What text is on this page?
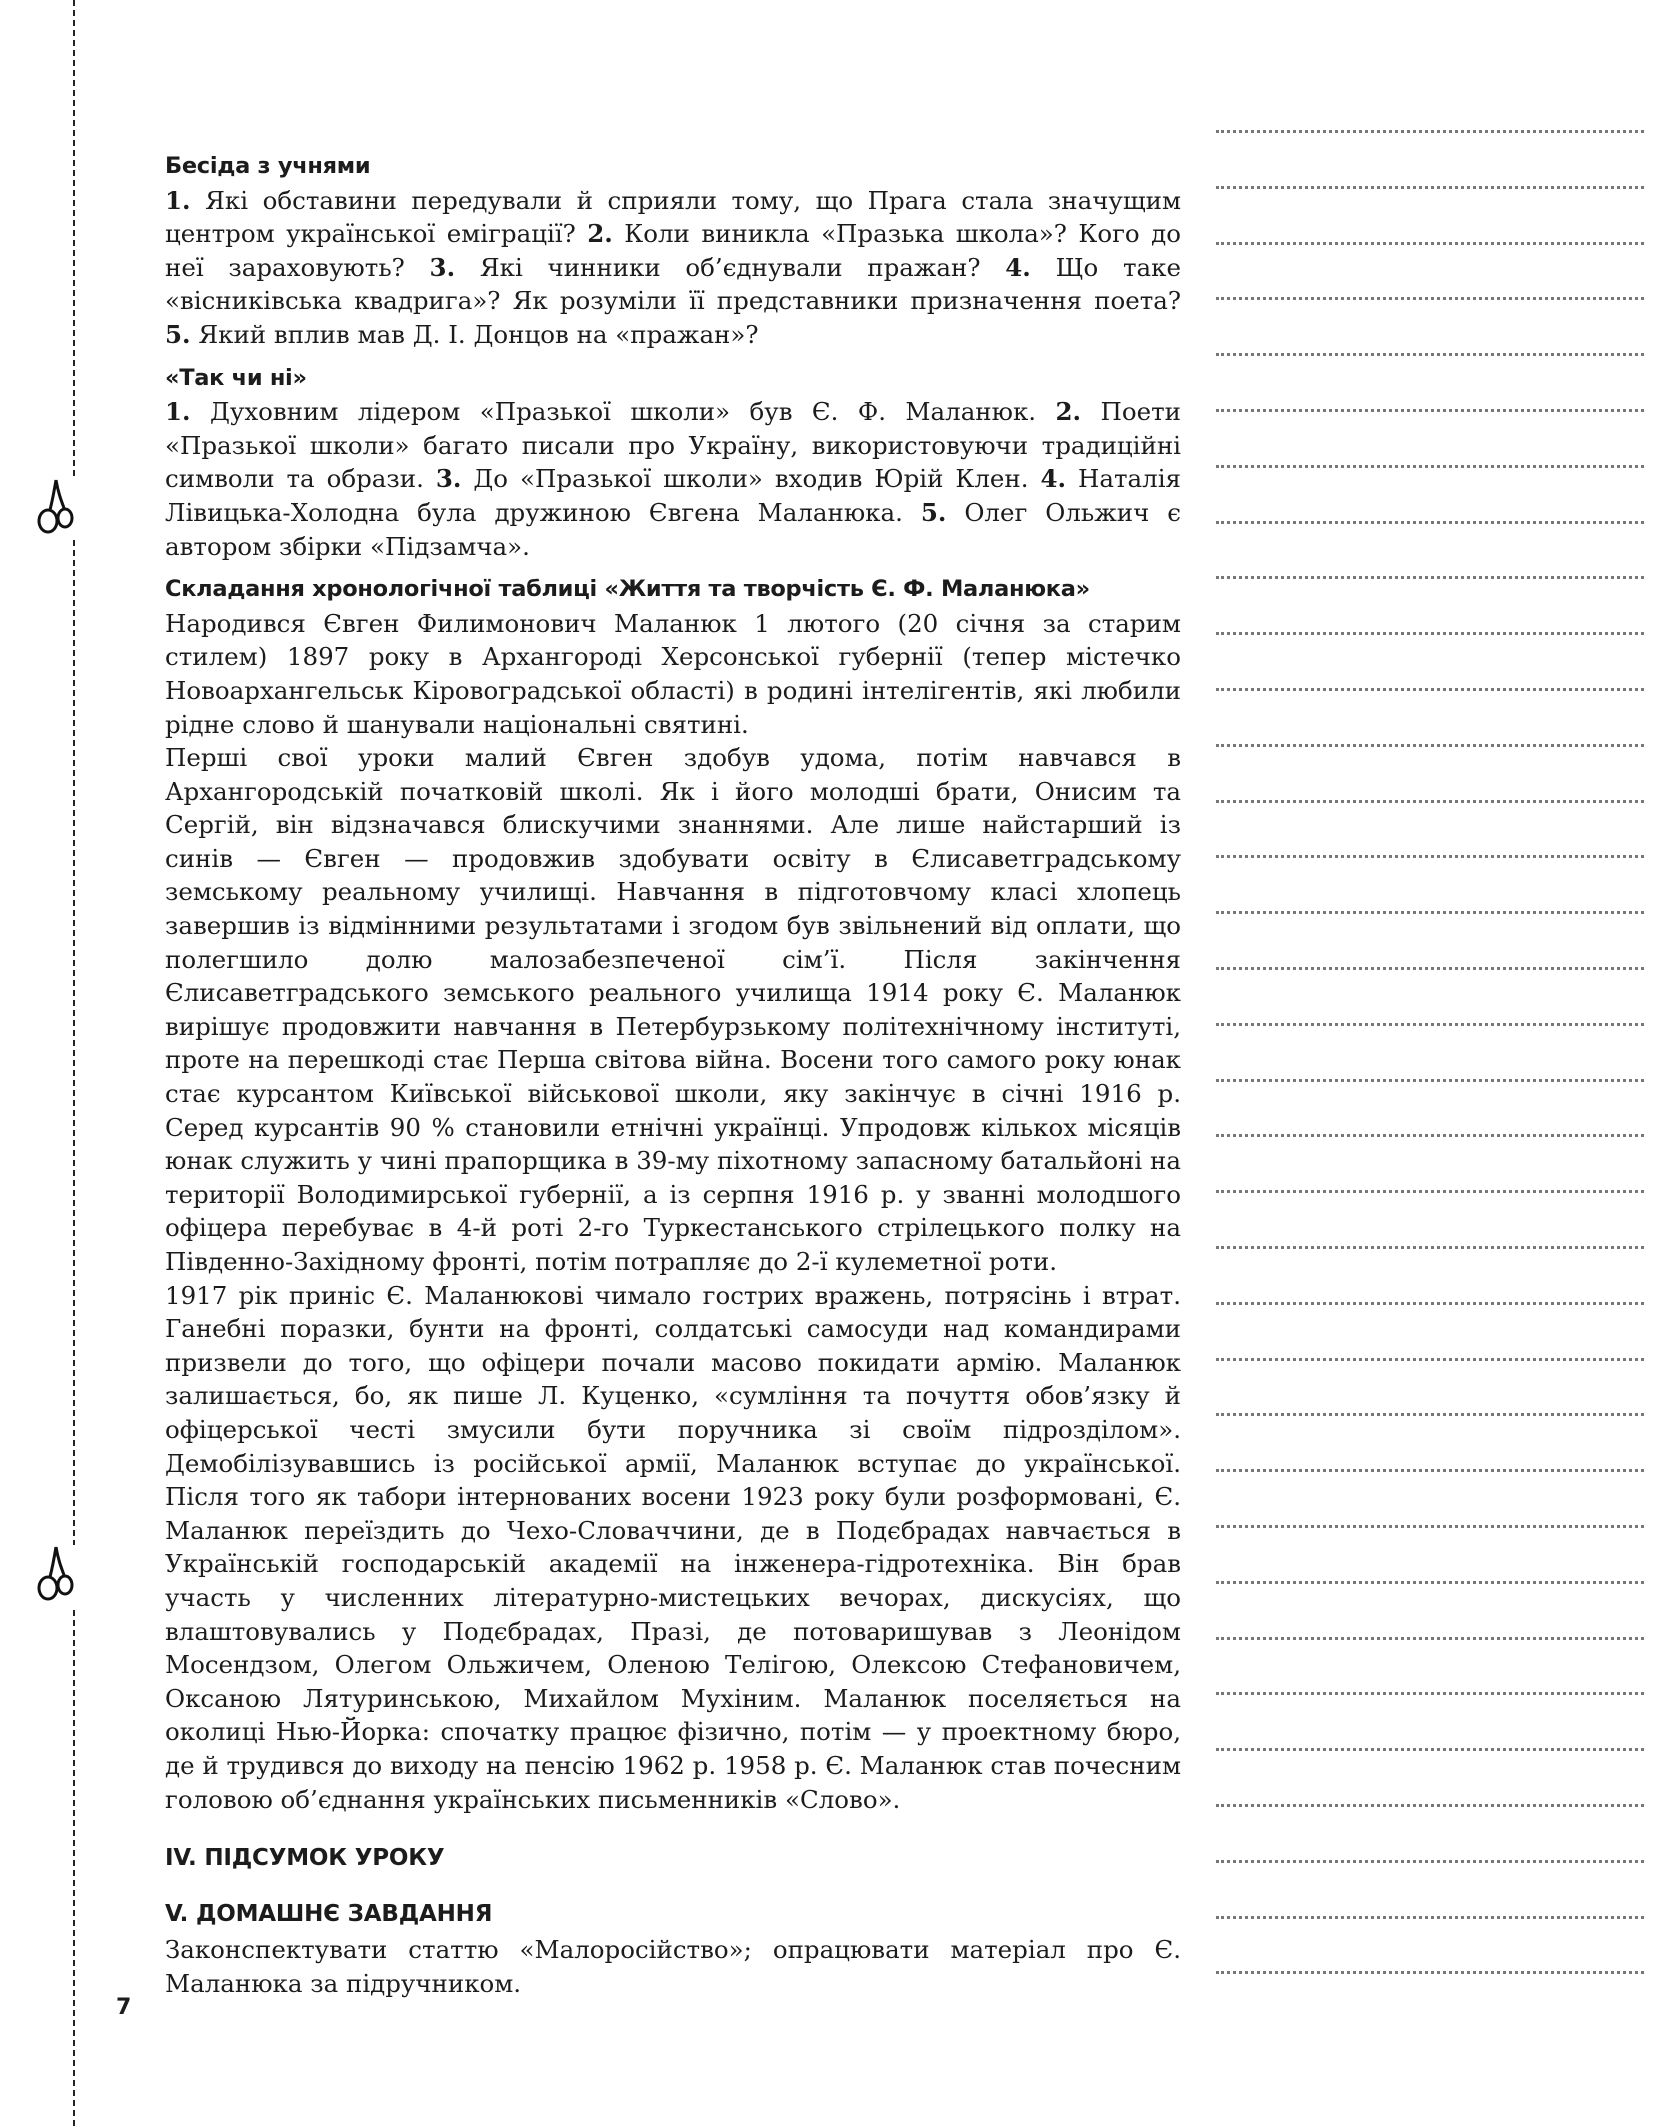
Бесіда з учнями

1. Які обставини передували й сприяли тому, що Прага стала значущим центром української еміграції? 2. Коли виникла «Празька школа»? Кого до неї зараховують? 3. Які чинники об’єднували пражан? 4. Що таке «вісниківська квадрига»? Як розуміли її представники призначення поета? 5. Який вплив мав Д. І. Донцов на «пражан»?

«Так чи ні»

1. Духовним лідером «Празької школи» був Є. Ф. Маланюк. 2. Поети «Празької школи» багато писали про Україну, використовуючи традиційні символи та образи. 3. До «Празької школи» входив Юрій Клен. 4. Наталія Лівицька-Холодна була дружиною Євгена Маланюка. 5. Олег Ольжич є автором збірки «Підзамча».

Складання хронологічної таблиці «Життя та творчість Є. Ф. Маланюка»

Народився Євген Филимонович Маланюк 1 лютого (20 січня за старим стилем) 1897 року в Архангороді Херсонської губернії (тепер містечко Новоархангельськ Кіровоградської області) в родині інтелігентів, які любили рідне слово й шанували національні святині.

Перші свої уроки малий Євген здобув удома, потім навчався в Архангородській початковій школі. Як і його молодші брати, Онисим та Сергій, він відзначався блискучими знаннями. Але лише найстарший із синів — Євген — продовжив здобувати освіту в Єлисаветградському земському реальному училищі. Навчання в підготовчому класі хлопець завершив із відмінними результатами і згодом був звільнений від оплати, що полегшило долю малозабезпеченої сім’ї. Після закінчення Єлисаветградського земського реального училища 1914 року Є. Маланюк вирішує продовжити навчання в Петербурзькому політехнічному інституті, проте на перешкоді стає Перша світова війна. Восени того самого року юнак стає курсантом Київської військової школи, яку закінчує в січні 1916 р. Серед курсантів 90 % становили етнічні українці. Упродовж кількох місяців юнак служить у чині прапорщика в 39-му піхотному запасному батальйоні на території Володимирської губернії, а із серпня 1916 р. у званні молодшого офіцера перебуває в 4-й роті 2-го Туркестанського стрілецького полку на Південно-Західному фронті, потім потрапляє до 2-ї кулеметної роти.

1917 рік приніс Є. Маланюкові чимало гострих вражень, потрясінь і втрат. Ганебні поразки, бунти на фронті, солдатські самосуди над командирами призвели до того, що офіцери почали масово покидати армію. Маланюк залишається, бо, як пише Л. Куценко, «сумління та почуття обов’язку й офіцерської честі змусили бути поручника зі своїм підрозділом». Демобілізувавшись із російської армії, Маланюк вступає до української. Після того як табори інтернованих восени 1923 року були розформовані, Є. Маланюк переїздить до Чехо-Словаччини, де в Подєбрадах навчається в Українській господарській академії на інженера-гідротехніка. Він брав участь у численних літературно-мистецьких вечорах, дискусіях, що влаштовувались у Подєбрадах, Празі, де потоваришував з Леонідом Мосендзом, Олегом Ольжичем, Оленою Телігою, Олексою Стефановичем, Оксаною Лятуринською, Михайлом Мухіним. Маланюк поселяється на околиці Нью-Йорка: спочатку працює фізично, потім — у проектному бюро, де й трудився до виходу на пенсію 1962 р. 1958 р. Є. Маланюк став почесним головою об’єднання українських письменників «Слово».

IV. ПІДСУМОК УРОКУ
V. ДОМАШНЄ ЗАВДАННЯ

Законспектувати статтю «Малоросійство»; опрацювати матеріал про Є. Маланюка за підручником.

7
